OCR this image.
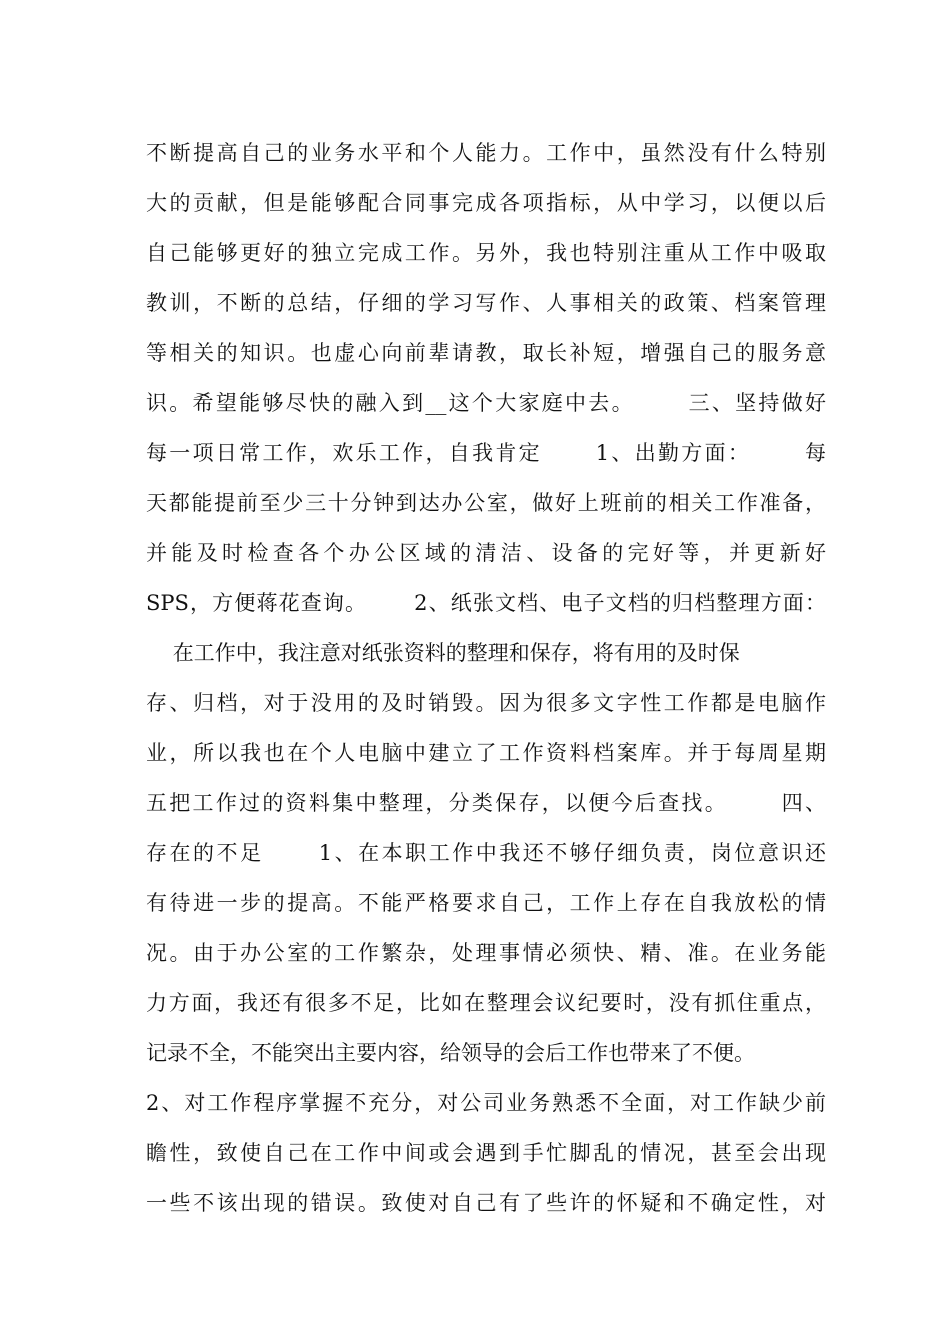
不断提高自己的业务水平和个人能力。工作中，虽然没有什么特别
大的贡献，但是能够配合同事完成各项指标，从中学习，以便以后
自己能够更好的独立完成工作。另外，我也特别注重从工作中吸取
教训，不断的总结，仔细的学习写作、人事相关的政策、档案管理
等相关的知识。也虚心向前辈请教，取长补短，增强自己的服务意
识。希望能够尽快的融入到__这个大家庭中去。      三、坚持做好
每一项日常工作，欢乐工作，自我肯定      1、出勤方面：      每
天都能提前至少三十分钟到达办公室，做好上班前的相关工作准备，
并能及时检查各个办公区域的清洁、设备的完好等，并更新好
SPS，方便蒋花查询。      2、纸张文档、电子文档的归档整理方面：
在工作中，我注意对纸张资料的整理和保存，将有用的及时保
存、归档，对于没用的及时销毁。因为很多文字性工作都是电脑作
业，所以我也在个人电脑中建立了工作资料档案库。并于每周星期
五把工作过的资料集中整理，分类保存，以便今后查找。      四、
存在的不足      1、在本职工作中我还不够仔细负责，岗位意识还
有待进一步的提高。不能严格要求自己，工作上存在自我放松的情
况。由于办公室的工作繁杂，处理事情必须快、精、准。在业务能
力方面，我还有很多不足，比如在整理会议纪要时，没有抓住重点，
记录不全，不能突出主要内容，给领导的会后工作也带来了不便。
2、对工作程序掌握不充分，对公司业务熟悉不全面，对工作缺少前
瞻性，致使自己在工作中间或会遇到手忙脚乱的情况，甚至会出现
一些不该出现的错误。致使对自己有了些许的怀疑和不确定性，对
